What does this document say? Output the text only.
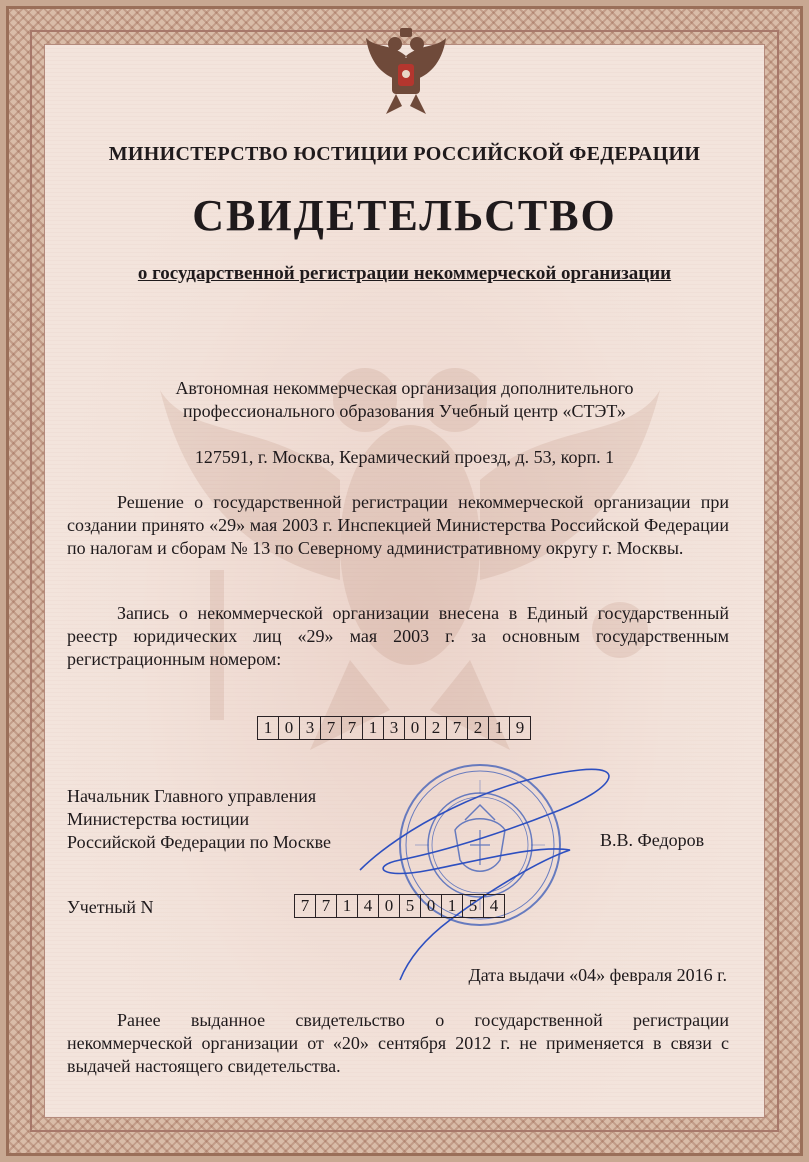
МИНИСТЕРСТВО ЮСТИЦИИ РОССИЙСКОЙ ФЕДЕРАЦИИ
СВИДЕТЕЛЬСТВО
о государственной регистрации некоммерческой организации
Автономная некоммерческая организация дополнительного
профессионального образования Учебный центр «СТЭТ»
127591, г. Москва, Керамический проезд, д. 53, корп. 1
Решение о государственной регистрации некоммерческой организации при создании принято «29» мая 2003 г. Инспекцией Министерства Российской Федерации по налогам и сборам № 13 по Северному административному округу г. Москвы.
Запись о некоммерческой организации внесена в Единый государственный реестр юридических лиц «29» мая 2003 г. за основным государственным регистрационным номером:
1 0 3 7 7 1 3 0 2 7 2 1 9
Начальник Главного управления
Министерства юстиции
Российской Федерации по Москве	В.В. Федоров
Учетный N	7 7 1 4 0 5 0 1 5 4
Дата выдачи «04» февраля 2016 г.
Ранее выданное свидетельство о государственной регистрации некоммерческой организации от «20» сентября 2012 г. не применяется в связи с выдачей настоящего свидетельства.
